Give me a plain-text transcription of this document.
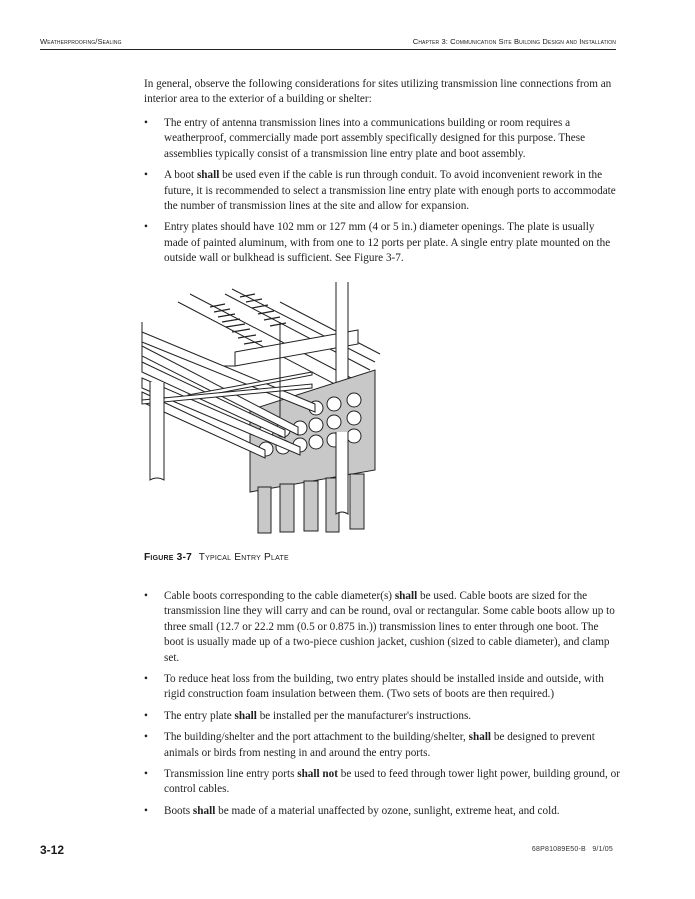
Weatherproofing/Sealing	Chapter 3: Communication Site Building Design and Installation

In general, observe the following considerations for sites utilizing transmission line connections from an interior area to the exterior of a building or shelter:

• The entry of antenna transmission lines into a communications building or room requires a weatherproof, commercially made port assembly specifically designed for this purpose. These assemblies typically consist of a transmission line entry plate and boot assembly.
• A boot shall be used even if the cable is run through conduit. To avoid inconvenient rework in the future, it is recommended to select a transmission line entry plate with enough ports to accommodate the number of transmission lines at the site and allow for expansion.
• Entry plates should have 102 mm or 127 mm (4 or 5 in.) diameter openings. The plate is usually made of painted aluminum, with from one to 12 ports per plate. A single entry plate mounted on the outside wall or bulkhead is sufficient. See Figure 3-7.
Figure 3-7 Typical Entry Plate
• Cable boots corresponding to the cable diameter(s) shall be used. Cable boots are sized for the transmission line they will carry and can be round, oval or rectangular. Some cable boots allow up to three small (12.7 or 22.2 mm (0.5 or 0.875 in.)) transmission lines to enter through one boot. The boot is usually made up of a two-piece cushion jacket, cushion (sized to cable diameter), and clamp set.
• To reduce heat loss from the building, two entry plates should be installed inside and outside, with rigid construction foam insulation between them. (Two sets of boots are then required.)
• The entry plate shall be installed per the manufacturer's instructions.
• The building/shelter and the port attachment to the building/shelter, shall be designed to prevent animals or birds from nesting in and around the entry ports.
• Transmission line entry ports shall not be used to feed through tower light power, building ground, or control cables.
• Boots shall be made of a material unaffected by ozone, sunlight, extreme heat, and cold.
3-12	68P81089E50-B   9/1/05
